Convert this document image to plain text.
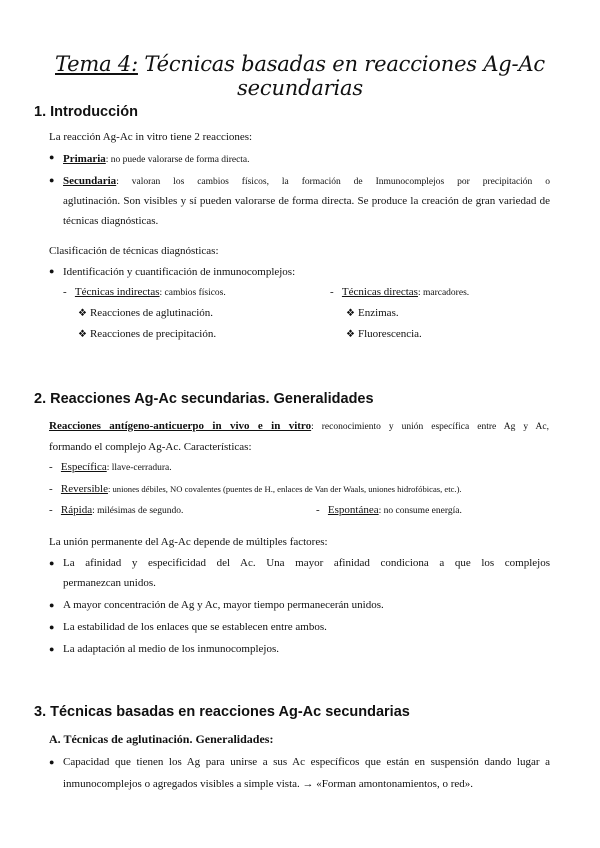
Tema 4: Técnicas basadas en reacciones Ag-Ac secundarias
1. Introducción
La reacción Ag-Ac in vitro tiene 2 reacciones:
Primaria: no puede valorarse de forma directa.
Secundaria: valoran los cambios físicos, la formación de Inmunocomplejos por precipitación o
aglutinación. Son visibles y sí pueden valorarse de forma directa. Se produce la creación de gran variedad de
técnicas diagnósticas.
Clasificación de técnicas diagnósticas:
Identificación y cuantificación de inmunocomplejos:
-   Técnicas indirectas: cambios físicos.
❖ Reacciones de aglutinación.
❖ Reacciones de precipitación.
-   Técnicas directas: marcadores.
❖ Enzimas.
❖ Fluorescencia.
2. Reacciones Ag-Ac secundarias. Generalidades
Reacciones antígeno-anticuerpo in vivo e in vitro: reconocimiento y unión específica entre Ag y Ac,
formando el complejo Ag-Ac. Características:
-   Específica: llave-cerradura.
-   Reversible: uniones débiles, NO covalentes (puentes de H., enlaces de Van der Waals, uniones hidrofóbicas, etc.).
-   Rápida: milésimas de segundo.	-   Espontánea: no consume energía.
La unión permanente del Ag-Ac depende de múltiples factores:
La afinidad y especificidad del Ac. Una mayor afinidad condiciona a que los complejos
permanezcan unidos.
A mayor concentración de Ag y Ac, mayor tiempo permanecerán unidos.
La estabilidad de los enlaces que se establecen entre ambos.
La adaptación al medio de los inmunocomplejos.
3. Técnicas basadas en reacciones Ag-Ac secundarias
A. Técnicas de aglutinación. Generalidades:
Capacidad que tienen los Ag para unirse a sus Ac específicos que están en suspensión dando lugar a
inmunocomplejos o agregados visibles a simple vista. → «Forman amontonamientos, o red».
